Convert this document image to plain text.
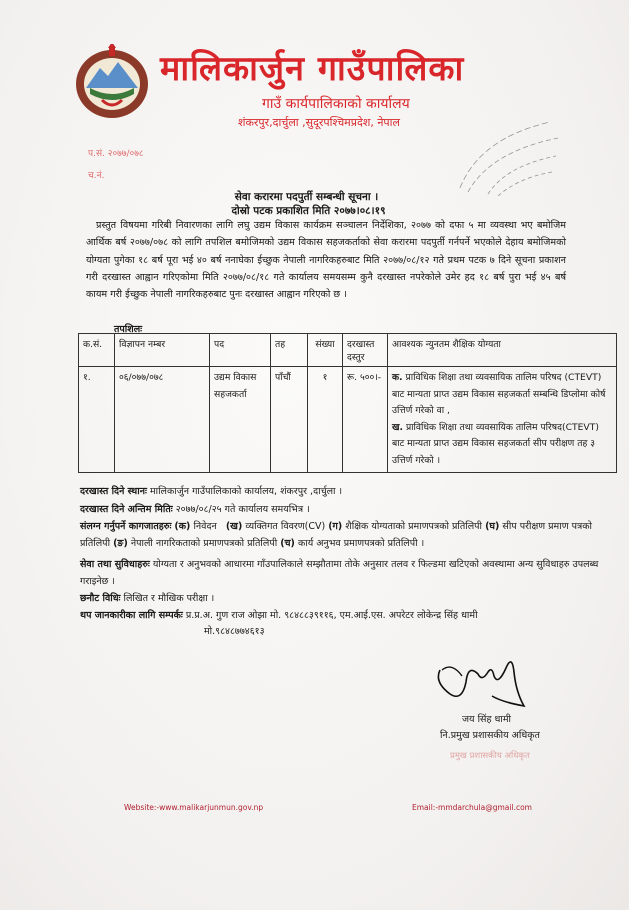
मालिकार्जुन गाउँपालिका
गाउँ कार्यपालिकाको कार्यालय
शंकरपुर,दार्चुला ,सुदूरपश्चिमप्रदेश, नेपाल
प.सं. २०७७/०७८
च.नं.
सेवा करारमा पदपुर्ती सम्बन्धी सूचना ।
दोस्रो पटक प्रकाशित मिति २०७७।०८।१९
प्रस्तुत विषयमा गरिबी निवारणका लागि लघु उद्यम विकास कार्यक्रम सञ्चालन निर्देशिका, २०७७ को दफा ५ मा व्यवस्था भए बमोजिम आर्थिक बर्ष २०७७/०७८ को लागि तपशिल बमोजिमको उद्यम विकास सहजकर्ताको सेवा करारमा पदपुर्ती गर्नपर्ने भएकोले देहाय बमोजिमको योग्यता पुगेका १८ बर्ष पूरा भई ४० बर्ष ननाघेका ईच्छुक नेपाली नागरिकहरुबाट मिति २०७७/०८/१२ गते प्रथम पटक ७ दिने सूचना प्रकाशन गरी दरखास्त आह्वान गरिएकोमा मिति २०७७/०८/१८ गते कार्यालय समयसम्म कुनै दरखास्त नपरेकोले उमेर हद १८ बर्ष पुरा भई ४५ बर्ष कायम गरी ईच्छुक नेपाली नागरिकहरुबाट पुनः दरखास्त आह्वान गरिएको छ ।
तपशिलः
क.सं.	विज्ञापन नम्बर	पद	तह	संख्या	दरखास्त दस्तुर	आवश्यक न्युनतम शैक्षिक योग्यता
१.	०६/०७७/०७८	उद्यम विकास सहजकर्ता	पाँचौं	१	रू. ५००।-	क. प्राविधिक शिक्षा तथा व्यवसायिक तालिम परिषद (CTEVT) बाट मान्यता प्राप्त उद्यम विकास सहजकर्ता सम्बन्धि डिप्लोमा कोर्ष उत्तिर्ण गरेको वा ,
ख. प्राविधिक शिक्षा तथा व्यवसायिक तालिम परिषद(CTEVT) बाट मान्यता प्राप्त उद्यम विकास सहजकर्ता सीप परीक्षण तह ३ उत्तिर्ण गरेको ।
दरखास्त दिने स्थानः मालिकार्जुन गाउँपालिकाको कार्यालय, शंकरपुर ,दार्चुला ।
दरखास्त दिने अन्तिम मितिः २०७७/०८/२५ गते कार्यालय समयभित्र ।
संलग्न गर्नुपर्ने कागजातहरुः (क) निवेदन (ख) व्यक्तिगत विवरण(CV) (ग) शैक्षिक योग्यताको प्रमाणपत्रको प्रतिलिपी (घ) सीप परीक्षण प्रमाण पत्रको प्रतिलिपी (ङ) नेपाली नागरिकताको प्रमाणपत्रको प्रतिलिपी (च) कार्य अनुभव प्रमाणपत्रको प्रतिलिपी ।
सेवा तथा सुविधाहरुः योग्यता र अनुभवको आधारमा गाँउपालिकाले सम्झौतामा तोके अनुसार तलव र फिल्डमा खटिएको अवस्थामा अन्य सुविधाहरु उपलब्ध गराइनेछ ।
छनौट विधिः लिखित र मौखिक परीक्षा ।
थप जानकारीका लागि सम्पर्कः प्र.प्र.अ. गुण राज ओझा मो. ९८४८८३९११६, एम.आई.एस. अपरेटर लोकेन्द्र सिंह धामी
मो.९८४८७७४६१३
जय सिंह धामी
नि.प्रमुख प्रशासकीय अधिकृत
प्रमुख प्रशासकीय अधिकृत
Website:-www.malikarjunmun.gov.np	Email:-mmdarchula@gmail.com
